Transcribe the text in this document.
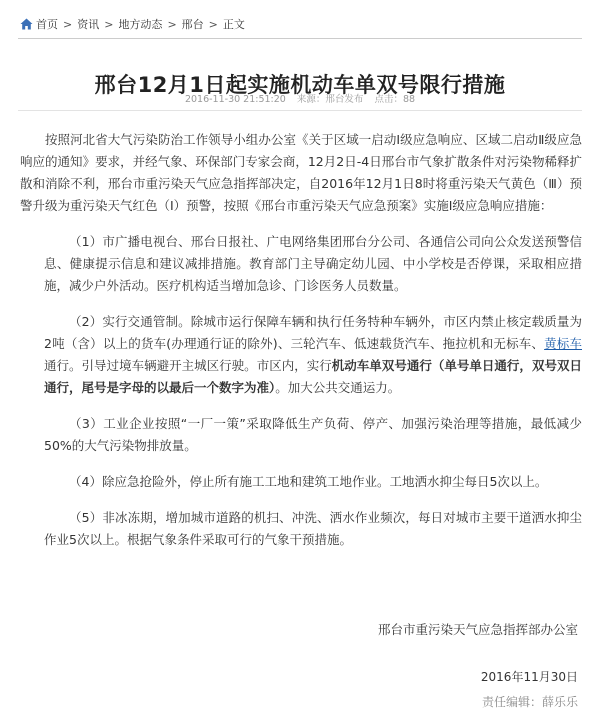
首页 > 资讯 > 地方动态 > 邢台 > 正文
邢台12月1日起实施机动车单双号限行措施
2016-11-30 21:51:20 来源：邢台发布 点击：88

按照河北省大气污染防治工作领导小组办公室《关于区域一启动Ⅰ级应急响应、区域二启动Ⅱ级应急响应的通知》要求，并经气象、环保部门专家会商，12月2日-4日邢台市气象扩散条件对污染物稀释扩散和消除不利，邢台市重污染天气应急指挥部决定，自2016年12月1日8时将重污染天气黄色（Ⅲ）预警升级为重污染天气红色（Ⅰ）预警，按照《邢台市重污染天气应急预案》实施Ⅰ级应急响应措施：

（1）市广播电视台、邢台日报社、广电网络集团邢台分公司、各通信公司向公众发送预警信息、健康提示信息和建议减排措施。教育部门主导确定幼儿园、中小学校是否停课，采取相应措施，减少户外活动。医疗机构适当增加急诊、门诊医务人员数量。

（2）实行交通管制。除城市运行保障车辆和执行任务特种车辆外，市区内禁止核定载质量为2吨（含）以上的货车(办理通行证的除外)、三轮汽车、低速载货汽车、拖拉机和无标车、黄标车通行。引导过境车辆避开主城区行驶。市区内，实行机动车单双号通行（单号单日通行，双号双日通行，尾号是字母的以最后一个数字为准）。加大公共交通运力。

（3）工业企业按照“一厂一策”采取降低生产负荷、停产、加强污染治理等措施，最低减少50%的大气污染物排放量。

（4）除应急抢险外，停止所有施工工地和建筑工地作业。工地洒水抑尘每日5次以上。

（5）非冰冻期，增加城市道路的机扫、冲洗、洒水作业频次，每日对城市主要干道洒水抑尘作业5次以上。根据气象条件采取可行的气象干预措施。

邢台市重污染天气应急指挥部办公室
2016年11月30日
责任编辑：薛乐乐
